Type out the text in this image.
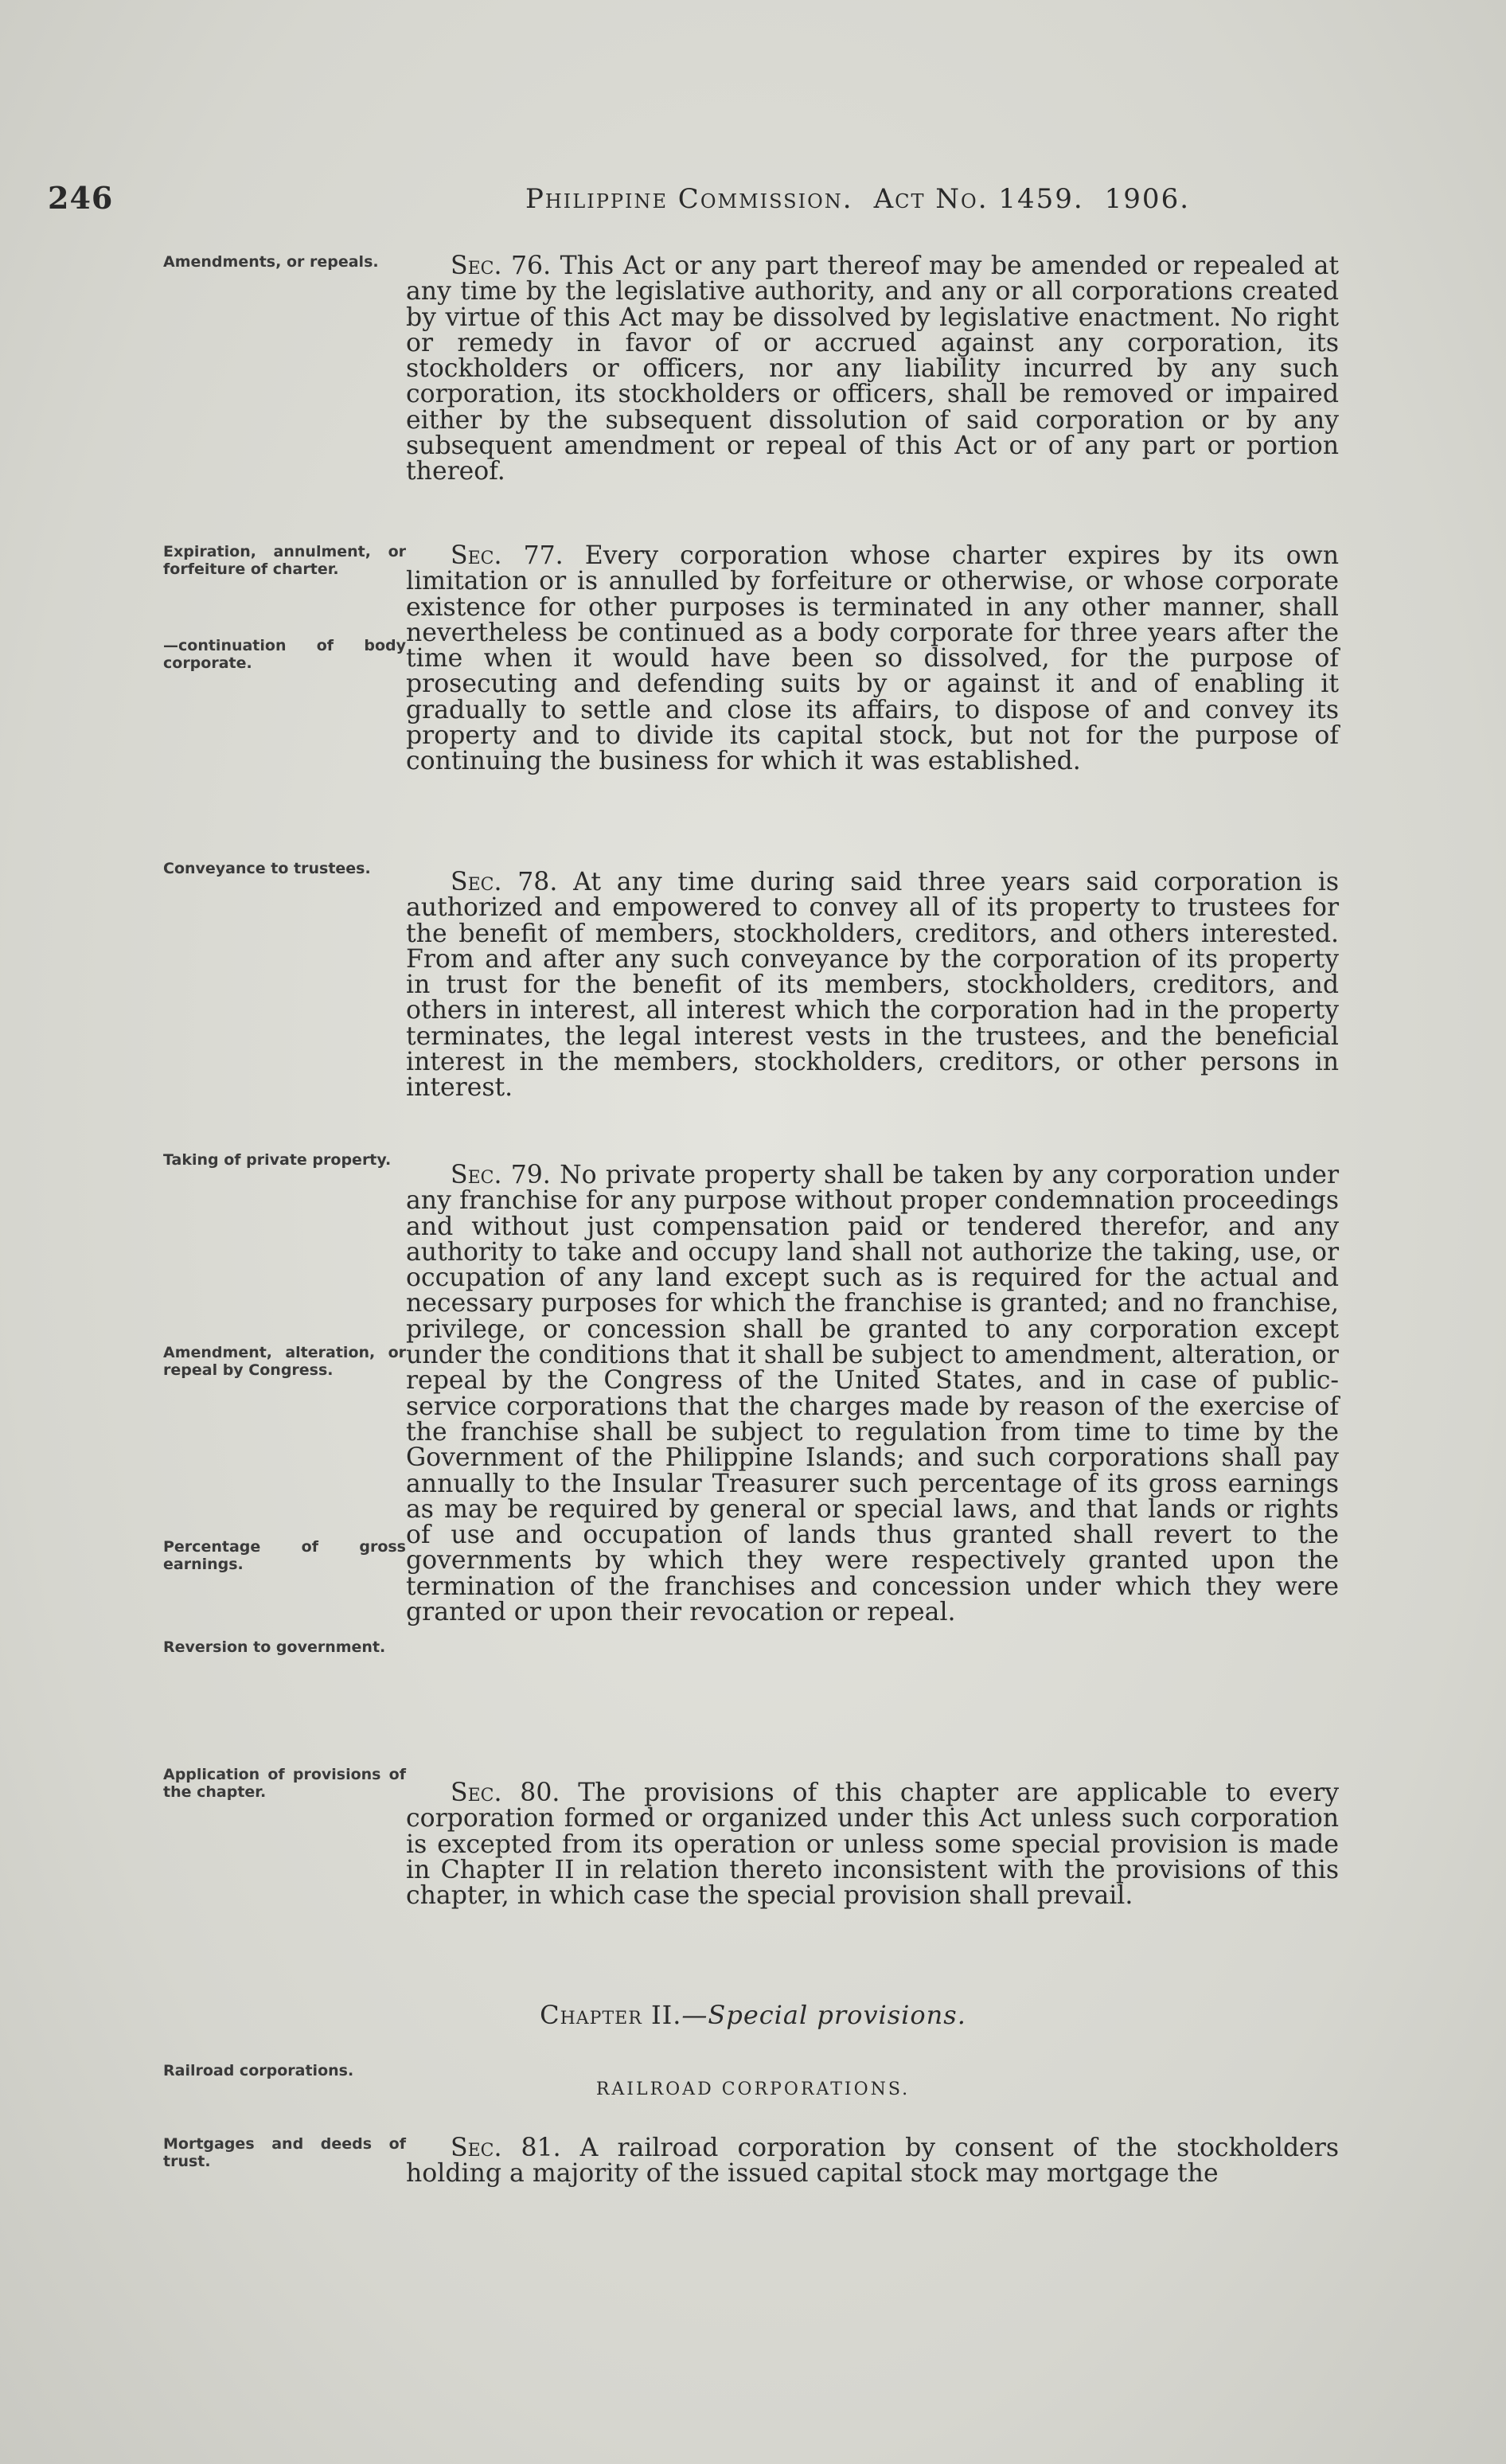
246	Philippine Commission. Act No. 1459. 1906.
Amendments, or repeals.
Expiration, annulment, or forfeiture of charter.
—continuation of body corporate.
Conveyance to trustees.
Taking of private property.
Amendment, alteration, or repeal by Congress.
Percentage of gross earnings.
Reversion to government.
Application of provisions of the chapter.
Railroad corporations.
Mortgages and deeds of trust.

Sec. 76. This Act or any part thereof may be amended or repealed at any time by the legislative authority, and any or all corporations created by virtue of this Act may be dissolved by legislative enactment. No right or remedy in favor of or accrued against any corporation, its stockholders or officers, nor any liability incurred by any such corporation, its stockholders or officers, shall be removed or impaired either by the subsequent dissolution of said corporation or by any subsequent amendment or repeal of this Act or of any part or portion thereof.

Sec. 77. Every corporation whose charter expires by its own limitation or is annulled by forfeiture or otherwise, or whose corporate existence for other purposes is terminated in any other manner, shall nevertheless be continued as a body corporate for three years after the time when it would have been so dissolved, for the purpose of prosecuting and defending suits by or against it and of enabling it gradually to settle and close its affairs, to dispose of and convey its property and to divide its capital stock, but not for the purpose of continuing the business for which it was established.

Sec. 78. At any time during said three years said corporation is authorized and empowered to convey all of its property to trustees for the benefit of members, stockholders, creditors, and others interested. From and after any such conveyance by the corporation of its property in trust for the benefit of its members, stockholders, creditors, and others in interest, all interest which the corporation had in the property terminates, the legal interest vests in the trustees, and the beneficial interest in the members, stockholders, creditors, or other persons in interest.

Sec. 79. No private property shall be taken by any corporation under any franchise for any purpose without proper condemnation proceedings and without just compensation paid or tendered therefor, and any authority to take and occupy land shall not authorize the taking, use, or occupation of any land except such as is required for the actual and necessary purposes for which the franchise is granted; and no franchise, privilege, or concession shall be granted to any corporation except under the conditions that it shall be subject to amendment, alteration, or repeal by the Congress of the United States, and in case of public-service corporations that the charges made by reason of the exercise of the franchise shall be subject to regulation from time to time by the Government of the Philippine Islands; and such corporations shall pay annually to the Insular Treasurer such percentage of its gross earnings as may be required by general or special laws, and that lands or rights of use and occupation of lands thus granted shall revert to the governments by which they were respectively granted upon the termination of the franchises and concession under which they were granted or upon their revocation or repeal.

Sec. 80. The provisions of this chapter are applicable to every corporation formed or organized under this Act unless such corporation is excepted from its operation or unless some special provision is made in Chapter II in relation thereto inconsistent with the provisions of this chapter, in which case the special provision shall prevail.

Chapter II.—Special provisions.
RAILROAD CORPORATIONS.

Sec. 81. A railroad corporation by consent of the stockholders holding a majority of the issued capital stock may mortgage the
